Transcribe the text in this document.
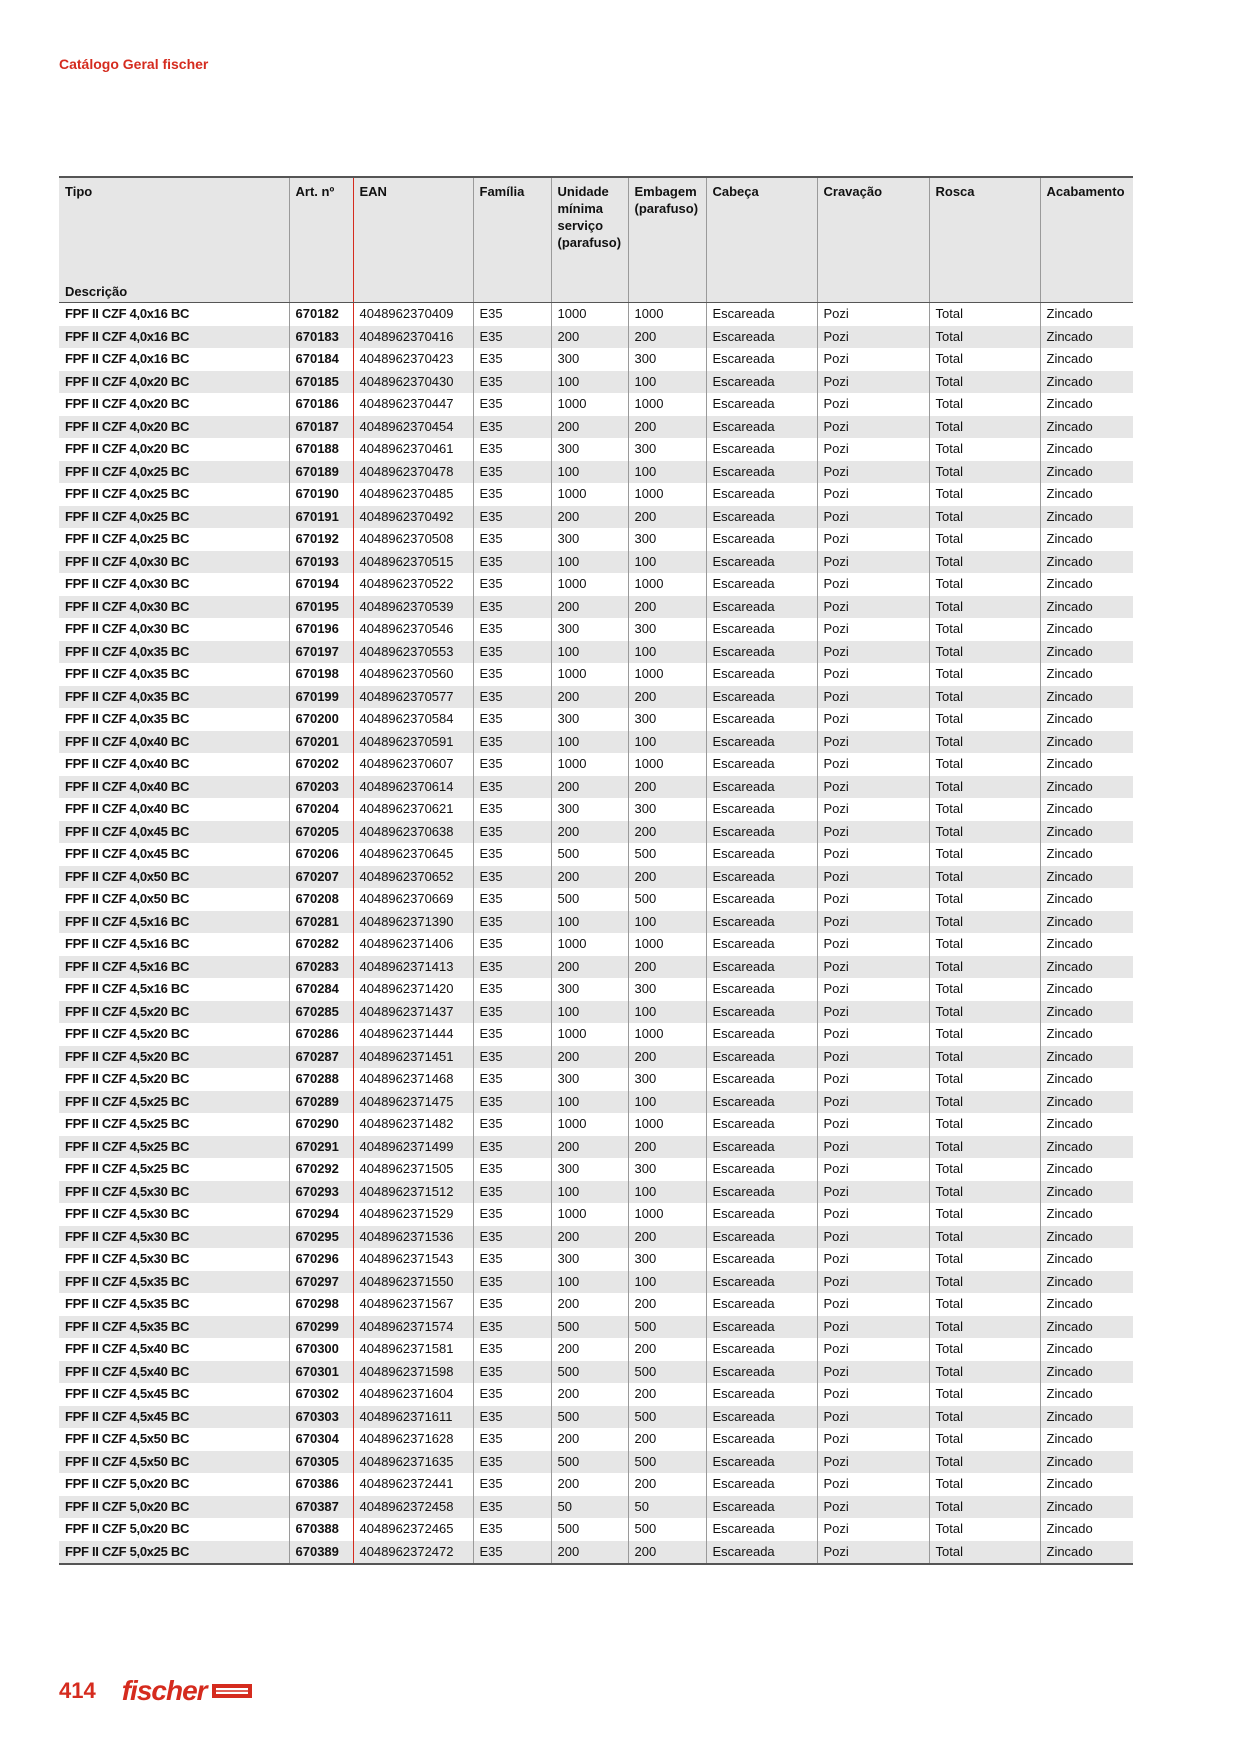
Catálogo Geral fischer
Tipo
Descrição	Art. nº	EAN	Família	Unidade mínima serviço (parafuso)	Embagem (parafuso)	Cabeça	Cravação	Rosca	Acabamento
FPF II CZF 4,0x16 BC	670182	4048962370409	E35	1000	1000	Escareada	Pozi	Total	Zincado
FPF II CZF 4,0x16 BC	670183	4048962370416	E35	200	200	Escareada	Pozi	Total	Zincado
FPF II CZF 4,0x16 BC	670184	4048962370423	E35	300	300	Escareada	Pozi	Total	Zincado
FPF II CZF 4,0x20 BC	670185	4048962370430	E35	100	100	Escareada	Pozi	Total	Zincado
FPF II CZF 4,0x20 BC	670186	4048962370447	E35	1000	1000	Escareada	Pozi	Total	Zincado
FPF II CZF 4,0x20 BC	670187	4048962370454	E35	200	200	Escareada	Pozi	Total	Zincado
FPF II CZF 4,0x20 BC	670188	4048962370461	E35	300	300	Escareada	Pozi	Total	Zincado
FPF II CZF 4,0x25 BC	670189	4048962370478	E35	100	100	Escareada	Pozi	Total	Zincado
FPF II CZF 4,0x25 BC	670190	4048962370485	E35	1000	1000	Escareada	Pozi	Total	Zincado
FPF II CZF 4,0x25 BC	670191	4048962370492	E35	200	200	Escareada	Pozi	Total	Zincado
FPF II CZF 4,0x25 BC	670192	4048962370508	E35	300	300	Escareada	Pozi	Total	Zincado
FPF II CZF 4,0x30 BC	670193	4048962370515	E35	100	100	Escareada	Pozi	Total	Zincado
FPF II CZF 4,0x30 BC	670194	4048962370522	E35	1000	1000	Escareada	Pozi	Total	Zincado
FPF II CZF 4,0x30 BC	670195	4048962370539	E35	200	200	Escareada	Pozi	Total	Zincado
FPF II CZF 4,0x30 BC	670196	4048962370546	E35	300	300	Escareada	Pozi	Total	Zincado
FPF II CZF 4,0x35 BC	670197	4048962370553	E35	100	100	Escareada	Pozi	Total	Zincado
FPF II CZF 4,0x35 BC	670198	4048962370560	E35	1000	1000	Escareada	Pozi	Total	Zincado
FPF II CZF 4,0x35 BC	670199	4048962370577	E35	200	200	Escareada	Pozi	Total	Zincado
FPF II CZF 4,0x35 BC	670200	4048962370584	E35	300	300	Escareada	Pozi	Total	Zincado
FPF II CZF 4,0x40 BC	670201	4048962370591	E35	100	100	Escareada	Pozi	Total	Zincado
FPF II CZF 4,0x40 BC	670202	4048962370607	E35	1000	1000	Escareada	Pozi	Total	Zincado
FPF II CZF 4,0x40 BC	670203	4048962370614	E35	200	200	Escareada	Pozi	Total	Zincado
FPF II CZF 4,0x40 BC	670204	4048962370621	E35	300	300	Escareada	Pozi	Total	Zincado
FPF II CZF 4,0x45 BC	670205	4048962370638	E35	200	200	Escareada	Pozi	Total	Zincado
FPF II CZF 4,0x45 BC	670206	4048962370645	E35	500	500	Escareada	Pozi	Total	Zincado
FPF II CZF 4,0x50 BC	670207	4048962370652	E35	200	200	Escareada	Pozi	Total	Zincado
FPF II CZF 4,0x50 BC	670208	4048962370669	E35	500	500	Escareada	Pozi	Total	Zincado
FPF II CZF 4,5x16 BC	670281	4048962371390	E35	100	100	Escareada	Pozi	Total	Zincado
FPF II CZF 4,5x16 BC	670282	4048962371406	E35	1000	1000	Escareada	Pozi	Total	Zincado
FPF II CZF 4,5x16 BC	670283	4048962371413	E35	200	200	Escareada	Pozi	Total	Zincado
FPF II CZF 4,5x16 BC	670284	4048962371420	E35	300	300	Escareada	Pozi	Total	Zincado
FPF II CZF 4,5x20 BC	670285	4048962371437	E35	100	100	Escareada	Pozi	Total	Zincado
FPF II CZF 4,5x20 BC	670286	4048962371444	E35	1000	1000	Escareada	Pozi	Total	Zincado
FPF II CZF 4,5x20 BC	670287	4048962371451	E35	200	200	Escareada	Pozi	Total	Zincado
FPF II CZF 4,5x20 BC	670288	4048962371468	E35	300	300	Escareada	Pozi	Total	Zincado
FPF II CZF 4,5x25 BC	670289	4048962371475	E35	100	100	Escareada	Pozi	Total	Zincado
FPF II CZF 4,5x25 BC	670290	4048962371482	E35	1000	1000	Escareada	Pozi	Total	Zincado
FPF II CZF 4,5x25 BC	670291	4048962371499	E35	200	200	Escareada	Pozi	Total	Zincado
FPF II CZF 4,5x25 BC	670292	4048962371505	E35	300	300	Escareada	Pozi	Total	Zincado
FPF II CZF 4,5x30 BC	670293	4048962371512	E35	100	100	Escareada	Pozi	Total	Zincado
FPF II CZF 4,5x30 BC	670294	4048962371529	E35	1000	1000	Escareada	Pozi	Total	Zincado
FPF II CZF 4,5x30 BC	670295	4048962371536	E35	200	200	Escareada	Pozi	Total	Zincado
FPF II CZF 4,5x30 BC	670296	4048962371543	E35	300	300	Escareada	Pozi	Total	Zincado
FPF II CZF 4,5x35 BC	670297	4048962371550	E35	100	100	Escareada	Pozi	Total	Zincado
FPF II CZF 4,5x35 BC	670298	4048962371567	E35	200	200	Escareada	Pozi	Total	Zincado
FPF II CZF 4,5x35 BC	670299	4048962371574	E35	500	500	Escareada	Pozi	Total	Zincado
FPF II CZF 4,5x40 BC	670300	4048962371581	E35	200	200	Escareada	Pozi	Total	Zincado
FPF II CZF 4,5x40 BC	670301	4048962371598	E35	500	500	Escareada	Pozi	Total	Zincado
FPF II CZF 4,5x45 BC	670302	4048962371604	E35	200	200	Escareada	Pozi	Total	Zincado
FPF II CZF 4,5x45 BC	670303	4048962371611	E35	500	500	Escareada	Pozi	Total	Zincado
FPF II CZF 4,5x50 BC	670304	4048962371628	E35	200	200	Escareada	Pozi	Total	Zincado
FPF II CZF 4,5x50 BC	670305	4048962371635	E35	500	500	Escareada	Pozi	Total	Zincado
FPF II CZF 5,0x20 BC	670386	4048962372441	E35	200	200	Escareada	Pozi	Total	Zincado
FPF II CZF 5,0x20 BC	670387	4048962372458	E35	50	50	Escareada	Pozi	Total	Zincado
FPF II CZF 5,0x20 BC	670388	4048962372465	E35	500	500	Escareada	Pozi	Total	Zincado
FPF II CZF 5,0x25 BC	670389	4048962372472	E35	200	200	Escareada	Pozi	Total	Zincado
414 fischer
